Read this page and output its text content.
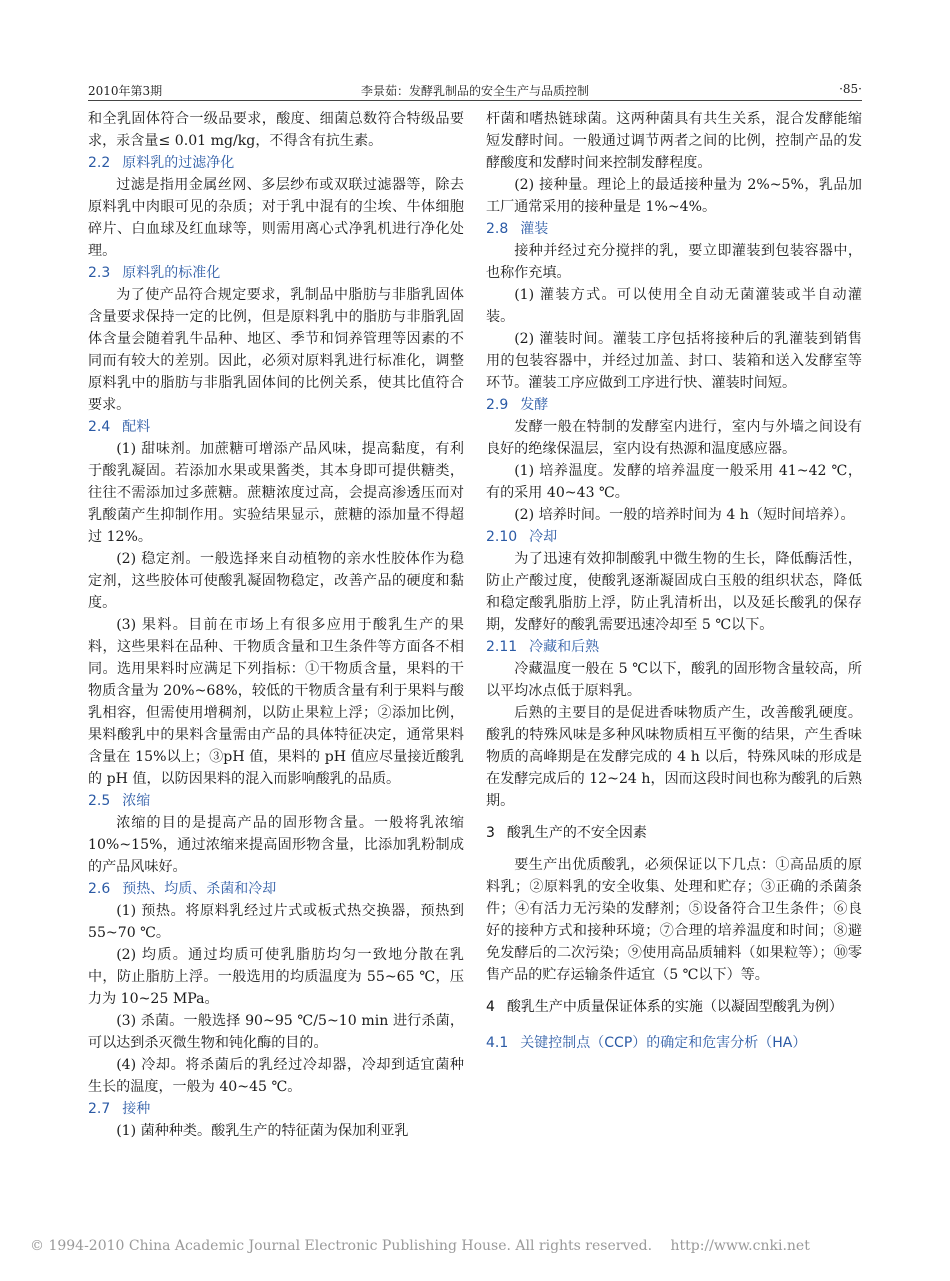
2010年第3期	李景茹：发酵乳制品的安全生产与品质控制	·85·

和全乳固体符合一级品要求，酸度、细菌总数符合特级品要求，汞含量≤ 0.01 mg/kg，不得含有抗生素。

2.2 原料乳的过滤净化

过滤是指用金属丝网、多层纱布或双联过滤器等，除去原料乳中肉眼可见的杂质；对于乳中混有的尘埃、牛体细胞碎片、白血球及红血球等，则需用离心式净乳机进行净化处理。

2.3 原料乳的标准化

为了使产品符合规定要求，乳制品中脂肪与非脂乳固体含量要求保持一定的比例，但是原料乳中的脂肪与非脂乳固体含量会随着乳牛品种、地区、季节和饲养管理等因素的不同而有较大的差别。因此，必须对原料乳进行标准化，调整原料乳中的脂肪与非脂乳固体间的比例关系，使其比值符合要求。

2.4 配料

(1) 甜味剂。加蔗糖可增添产品风味，提高黏度，有利于酸乳凝固。若添加水果或果酱类，其本身即可提供糖类，往往不需添加过多蔗糖。蔗糖浓度过高，会提高渗透压而对乳酸菌产生抑制作用。实验结果显示，蔗糖的添加量不得超过 12%。

(2) 稳定剂。一般选择来自动植物的亲水性胶体作为稳定剂，这些胶体可使酸乳凝固物稳定，改善产品的硬度和黏度。

(3) 果料。目前在市场上有很多应用于酸乳生产的果料，这些果料在品种、干物质含量和卫生条件等方面各不相同。选用果料时应满足下列指标：①干物质含量，果料的干物质含量为 20%~68%，较低的干物质含量有利于果料与酸乳相容，但需使用增稠剂，以防止果粒上浮；②添加比例，果料酸乳中的果料含量需由产品的具体特征决定，通常果料含量在 15%以上；③pH 值，果料的 pH 值应尽量接近酸乳的 pH 值，以防因果料的混入而影响酸乳的品质。

2.5 浓缩

浓缩的目的是提高产品的固形物含量。一般将乳浓缩 10%~15%，通过浓缩来提高固形物含量，比添加乳粉制成的产品风味好。

2.6 预热、均质、杀菌和冷却

(1) 预热。将原料乳经过片式或板式热交换器，预热到 55~70 ℃。

(2) 均质。通过均质可使乳脂肪均匀一致地分散在乳中，防止脂肪上浮。一般选用的均质温度为 55~65 ℃，压力为 10~25 MPa。

(3) 杀菌。一般选择 90~95 ℃/5~10 min 进行杀菌，可以达到杀灭微生物和钝化酶的目的。

(4) 冷却。将杀菌后的乳经过冷却器，冷却到适宜菌种生长的温度，一般为 40~45 ℃。

2.7 接种

(1) 菌种种类。酸乳生产的特征菌为保加利亚乳

杆菌和嗜热链球菌。这两种菌具有共生关系，混合发酵能缩短发酵时间。一般通过调节两者之间的比例，控制产品的发酵酸度和发酵时间来控制发酵程度。

(2) 接种量。理论上的最适接种量为 2%~5%，乳品加工厂通常采用的接种量是 1%~4%。

2.8 灌装

接种并经过充分搅拌的乳，要立即灌装到包装容器中，也称作充填。

(1) 灌装方式。可以使用全自动无菌灌装或半自动灌装。

(2) 灌装时间。灌装工序包括将接种后的乳灌装到销售用的包装容器中，并经过加盖、封口、装箱和送入发酵室等环节。灌装工序应做到工序进行快、灌装时间短。

2.9 发酵

发酵一般在特制的发酵室内进行，室内与外墙之间设有良好的绝缘保温层，室内设有热源和温度感应器。

(1) 培养温度。发酵的培养温度一般采用 41~42 ℃，有的采用 40~43 ℃。

(2) 培养时间。一般的培养时间为 4 h（短时间培养）。

2.10 冷却

为了迅速有效抑制酸乳中微生物的生长，降低酶活性，防止产酸过度，使酸乳逐渐凝固成白玉般的组织状态，降低和稳定酸乳脂肪上浮，防止乳清析出，以及延长酸乳的保存期，发酵好的酸乳需要迅速冷却至 5 ℃以下。

2.11 冷藏和后熟

冷藏温度一般在 5 ℃以下，酸乳的固形物含量较高，所以平均冰点低于原料乳。

后熟的主要目的是促进香味物质产生，改善酸乳硬度。酸乳的特殊风味是多种风味物质相互平衡的结果，产生香味物质的高峰期是在发酵完成的 4 h 以后，特殊风味的形成是在发酵完成后的 12~24 h，因而这段时间也称为酸乳的后熟期。

3 酸乳生产的不安全因素

要生产出优质酸乳，必须保证以下几点：①高品质的原料乳；②原料乳的安全收集、处理和贮存；③正确的杀菌条件；④有活力无污染的发酵剂；⑤设备符合卫生条件；⑥良好的接种方式和接种环境；⑦合理的培养温度和时间；⑧避免发酵后的二次污染；⑨使用高品质辅料（如果粒等）；⑩零售产品的贮存运输条件适宜（5 ℃以下）等。

4 酸乳生产中质量保证体系的实施（以凝固型酸乳为例）
4.1 关键控制点（CCP）的确定和危害分析（HA）
© 1994-2010 China Academic Journal Electronic Publishing House. All rights reserved. http://www.cnki.net
